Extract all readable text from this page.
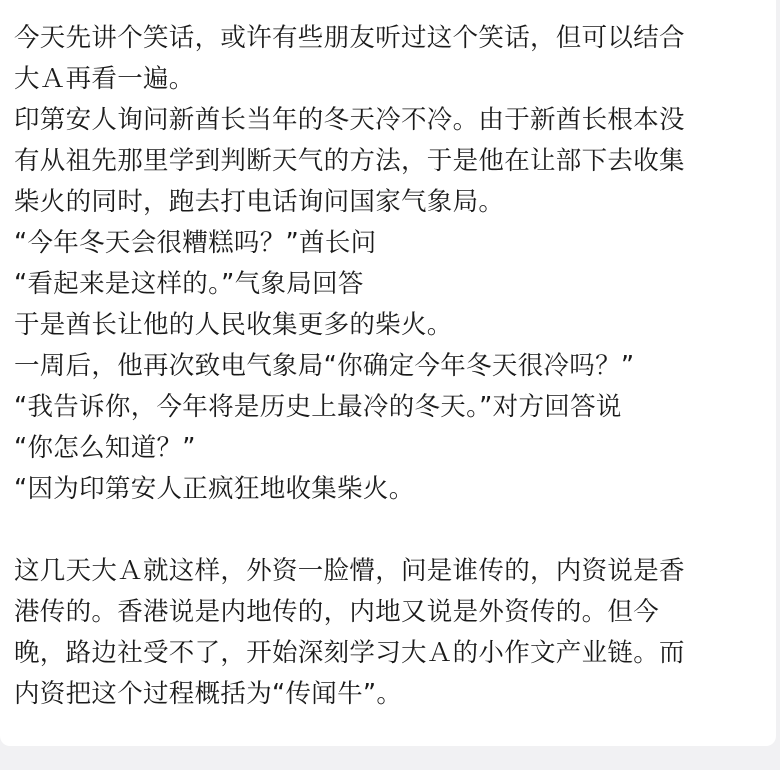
今天先讲个笑话，或许有些朋友听过这个笑话，但可以结合
大Ａ再看一遍。
印第安人询问新酋长当年的冬天冷不冷。由于新酋长根本没
有从祖先那里学到判断天气的方法，于是他在让部下去收集
柴火的同时，跑去打电话询问国家气象局。
“今年冬天会很糟糕吗？”酋长问
“看起来是这样的。”气象局回答
于是酋长让他的人民收集更多的柴火。
一周后，他再次致电气象局“你确定今年冬天很冷吗？”
“我告诉你，今年将是历史上最冷的冬天。”对方回答说
“你怎么知道？”
“因为印第安人正疯狂地收集柴火。
这几天大Ａ就这样，外资一脸懵，问是谁传的，内资说是香
港传的。香港说是内地传的，内地又说是外资传的。但今
晚，路边社受不了，开始深刻学习大Ａ的小作文产业链。而
内资把这个过程概括为“传闻牛”。
